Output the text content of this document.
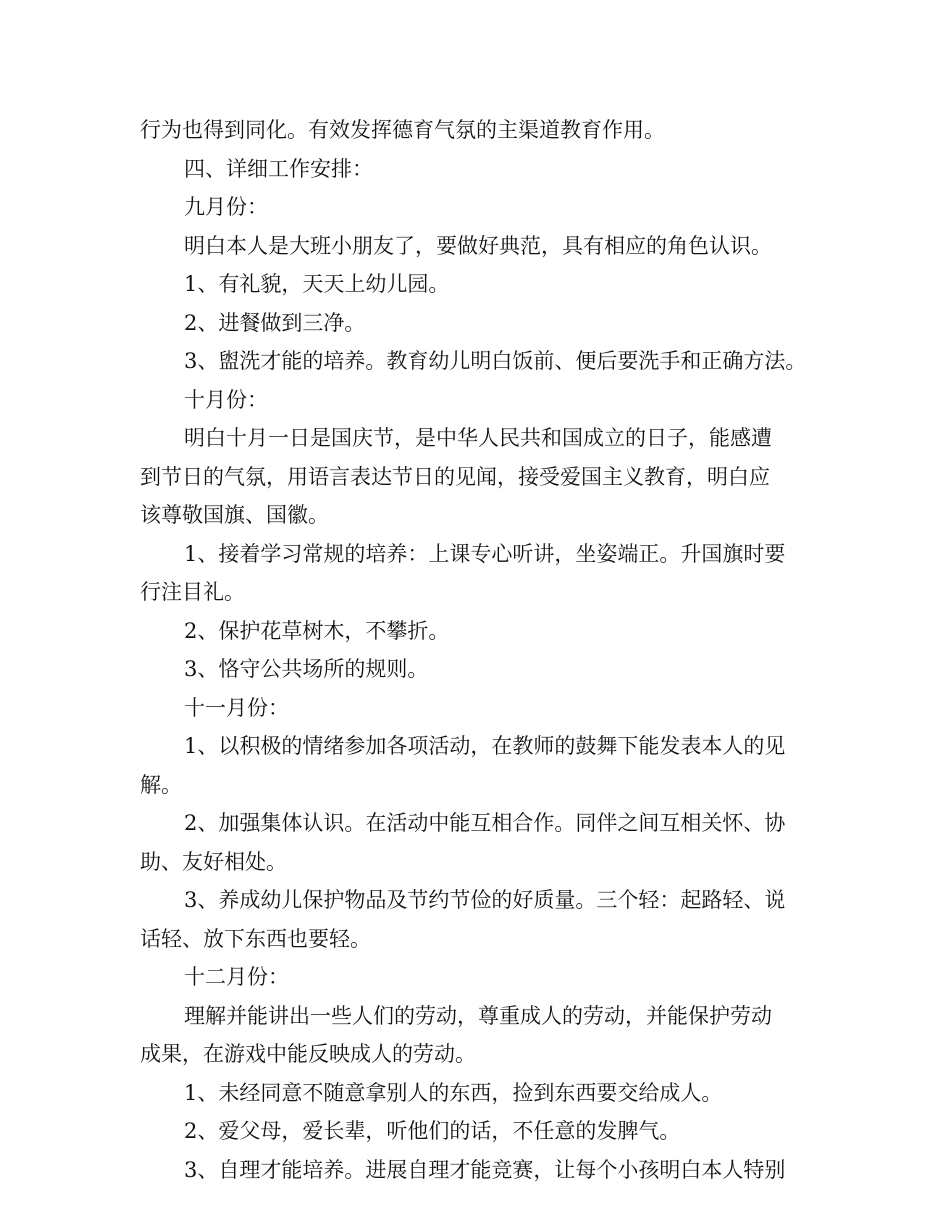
行为也得到同化。有效发挥德育气氛的主渠道教育作用。
四、详细工作安排：
九月份：
明白本人是大班小朋友了，要做好典范，具有相应的角色认识。
1、有礼貌，天天上幼儿园。
2、进餐做到三净。
3、盥洗才能的培养。教育幼儿明白饭前、便后要洗手和正确方法。
十月份：
明白十月一日是国庆节，是中华人民共和国成立的日子，能感遭
到节日的气氛，用语言表达节日的见闻，接受爱国主义教育，明白应
该尊敬国旗、国徽。
1、接着学习常规的培养：上课专心听讲，坐姿端正。升国旗时要
行注目礼。
2、保护花草树木，不攀折。
3、恪守公共场所的规则。
十一月份：
1、以积极的情绪参加各项活动，在教师的鼓舞下能发表本人的见
解。
2、加强集体认识。在活动中能互相合作。同伴之间互相关怀、协
助、友好相处。
3、养成幼儿保护物品及节约节俭的好质量。三个轻：起路轻、说
话轻、放下东西也要轻。
十二月份：
理解并能讲出一些人们的劳动，尊重成人的劳动，并能保护劳动
成果，在游戏中能反映成人的劳动。
1、未经同意不随意拿别人的东西，捡到东西要交给成人。
2、爱父母，爱长辈，听他们的话，不任意的发脾气。
3、自理才能培养。进展自理才能竞赛，让每个小孩明白本人特别
